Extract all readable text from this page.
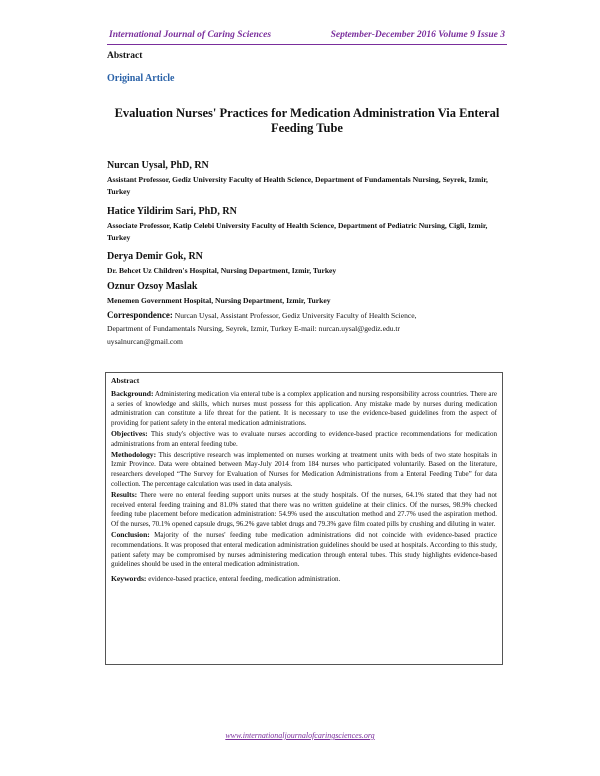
International Journal of Caring Sciences	September-December 2016 Volume 9 Issue 3
Abstract
Original Article
Evaluation Nurses' Practices for Medication Administration Via Enteral Feeding Tube
Nurcan Uysal, PhD, RN
Assistant Professor, Gediz University Faculty of Health Science, Department of Fundamentals Nursing, Seyrek, Izmir, Turkey
Hatice Yildirim Sari, PhD, RN
Associate Professor, Katip Celebi University Faculty of Health Science, Department of Pediatric Nursing, Cigli, Izmir, Turkey
Derya Demir Gok, RN
Dr. Behcet Uz Children's Hospital, Nursing Department, Izmir, Turkey
Oznur Ozsoy Maslak
Menemen Government Hospital, Nursing Department, Izmir, Turkey
Correspondence: Nurcan Uysal, Assistant Professor, Gediz University Faculty of Health Science,
Department of Fundamentals Nursing, Seyrek, Izmir, Turkey E-mail: nurcan.uysal@gediz.edu.tr
uysalnurcan@gmail.com
Abstract

Background: Administering medication via enteral tube is a complex application and nursing responsibility across countries. There are a series of knowledge and skills, which nurses must possess for this application. Any mistake made by nurses during medication administration can constitute a life threat for the patient. It is necessary to use the evidence-based guidelines from the aspect of providing for patient safety in the enteral medication administrations.

Objectives: This study's objective was to evaluate nurses according to evidence-based practice recommendations for medication administrations from an enteral feeding tube.

Methodology: This descriptive research was implemented on nurses working at treatment units with beds of two state hospitals in Izmir Province. Data were obtained between May-July 2014 from 184 nurses who participated voluntarily. Based on the literature, researchers developed “The Survey for Evaluation of Nurses for Medication Administrations from a Enteral Feeding Tube” for data collection. The percentage calculation was used in data analysis.

Results: There were no enteral feeding support units nurses at the study hospitals. Of the nurses, 64.1% stated that they had not received enteral feeding training and 81.0% stated that there was no written guideline at their clinics. Of the nurses, 98.9% checked feeding tube placement before medication administration: 54.9% used the auscultation method and 27.7% used the aspiration method. Of the nurses, 70.1% opened capsule drugs, 96.2% gave tablet drugs and 79.3% gave film coated pills by crushing and diluting in water.

Conclusion: Majority of the nurses' feeding tube medication administrations did not coincide with evidence-based practice recommendations. It was proposed that enteral medication administration guidelines should be used at hospitals. According to this study, patient safety may be compromised by nurses administering medication through enteral tubes. This study highlights evidence-based guidelines should be used in the enteral medication administration.

Keywords: evidence-based practice, enteral feeding, medication administration.

www.internationaljournalofcaringsciences.org
